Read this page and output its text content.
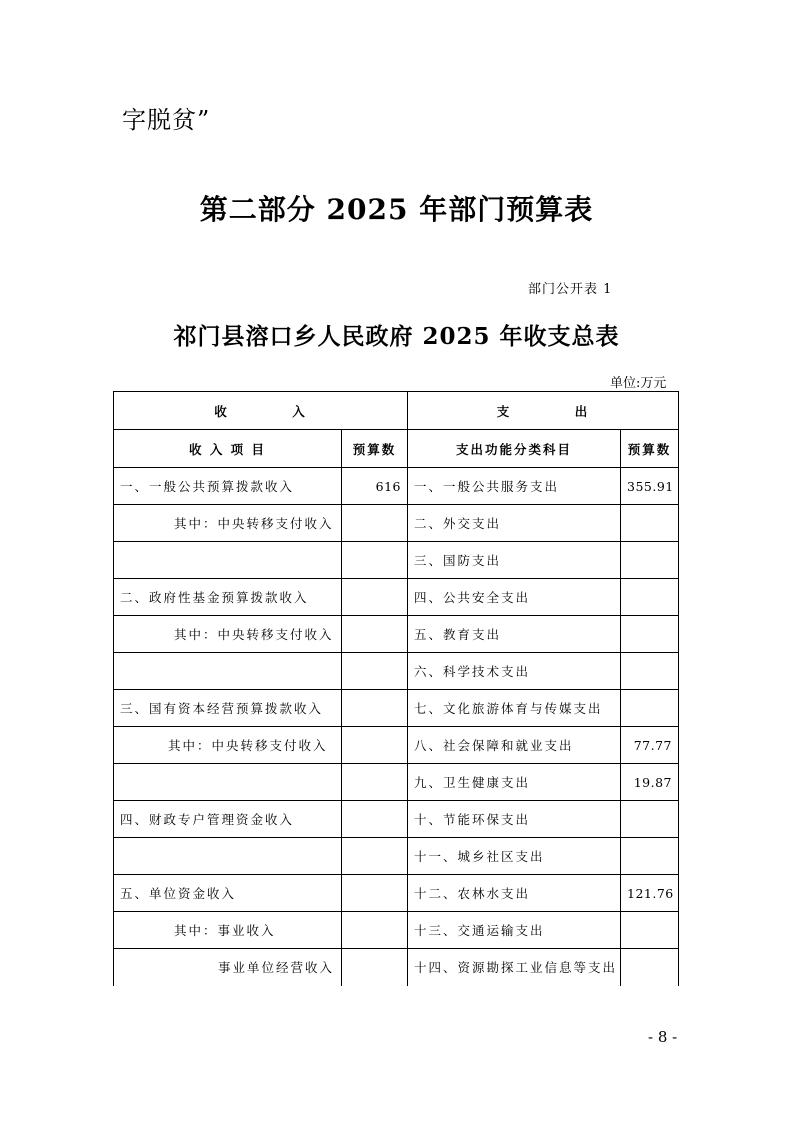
字脱贫”
第二部分 2025 年部门预算表
部门公开表 1
祁门县溶口乡人民政府 2025 年收支总表
单位:万元
收          入		支          出	
收 入 项 目	预算数	支出功能分类科目	预算数
一、一般公共预算拨款收入	616	一、一般公共服务支出	355.91
其中：中央转移支付收入		二、外交支出	
		三、国防支出	
二、政府性基金预算拨款收入		四、公共安全支出	
其中：中央转移支付收入		五、教育支出	
		六、科学技术支出	
三、国有资本经营预算拨款收入		七、文化旅游体育与传媒支出	
其中：中央转移支付收入		八、社会保障和就业支出	77.77
		九、卫生健康支出	19.87
四、财政专户管理资金收入		十、节能环保支出	
		十一、城乡社区支出	
五、单位资金收入		十二、农林水支出	121.76
其中：事业收入		十三、交通运输支出	
事业单位经营收入		十四、资源勘探工业信息等支出	
- 8 -
